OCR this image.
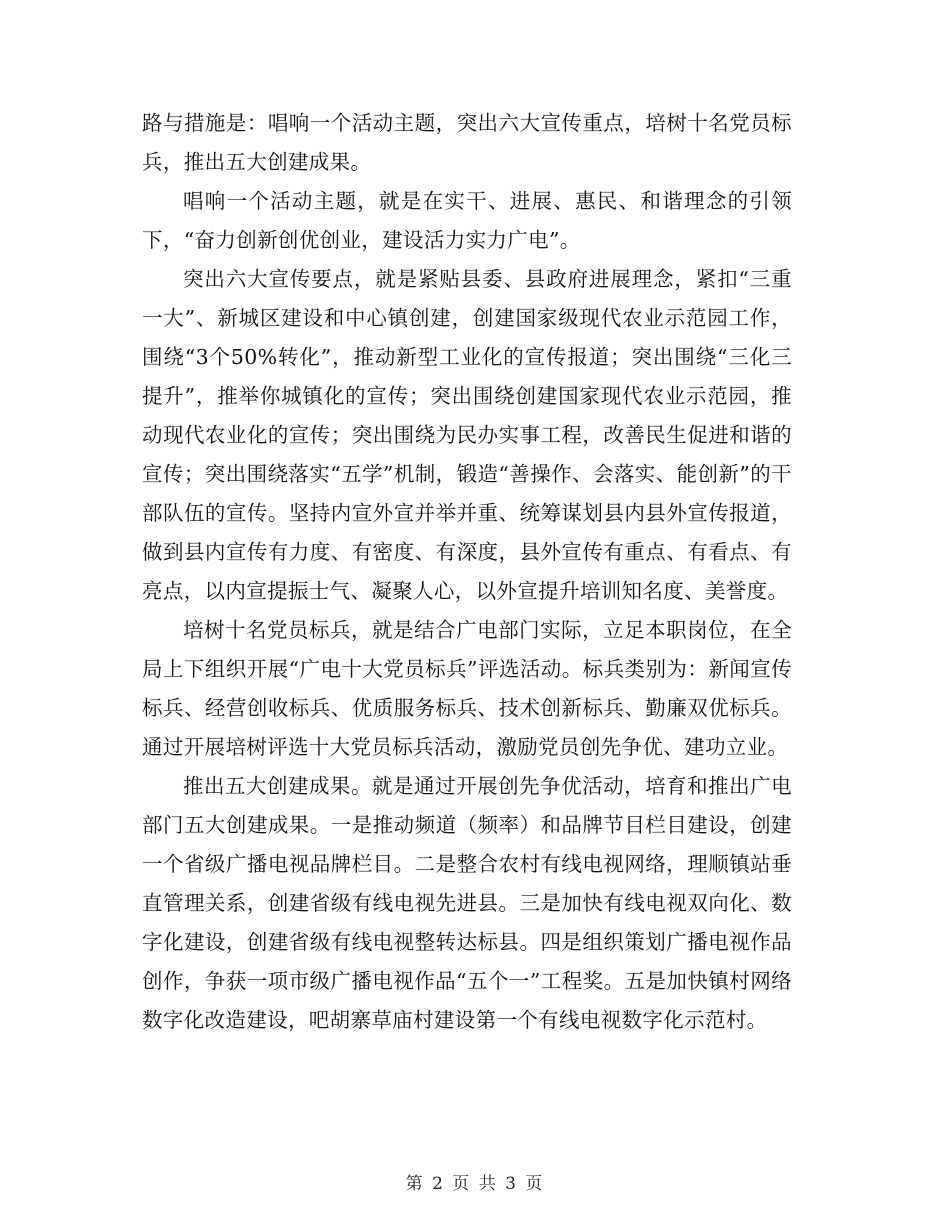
路与措施是：唱响一个活动主题，突出六大宣传重点，培树十名党员标兵，推出五大创建成果。

唱响一个活动主题，就是在实干、进展、惠民、和谐理念的引领下，“奋力创新创优创业，建设活力实力广电”。

突出六大宣传要点，就是紧贴县委、县政府进展理念，紧扣“三重一大”、新城区建设和中心镇创建，创建国家级现代农业示范园工作，围绕“3个50%转化”，推动新型工业化的宣传报道；突出围绕“三化三提升”，推举你城镇化的宣传；突出围绕创建国家现代农业示范园，推动现代农业化的宣传；突出围绕为民办实事工程，改善民生促进和谐的宣传；突出围绕落实“五学”机制，锻造“善操作、会落实、能创新”的干部队伍的宣传。坚持内宣外宣并举并重、统筹谋划县内县外宣传报道，做到县内宣传有力度、有密度、有深度，县外宣传有重点、有看点、有亮点，以内宣提振士气、凝聚人心，以外宣提升培训知名度、美誉度。

培树十名党员标兵，就是结合广电部门实际，立足本职岗位，在全局上下组织开展“广电十大党员标兵”评选活动。标兵类别为：新闻宣传标兵、经营创收标兵、优质服务标兵、技术创新标兵、勤廉双优标兵。通过开展培树评选十大党员标兵活动，激励党员创先争优、建功立业。

推出五大创建成果。就是通过开展创先争优活动，培育和推出广电部门五大创建成果。一是推动频道（频率）和品牌节目栏目建设，创建一个省级广播电视品牌栏目。二是整合农村有线电视网络，理顺镇站垂直管理关系，创建省级有线电视先进县。三是加快有线电视双向化、数字化建设，创建省级有线电视整转达标县。四是组织策划广播电视作品创作，争获一项市级广播电视作品“五个一”工程奖。五是加快镇村网络数字化改造建设，吧胡寨草庙村建设第一个有线电视数字化示范村。

第 2 页 共 3 页
